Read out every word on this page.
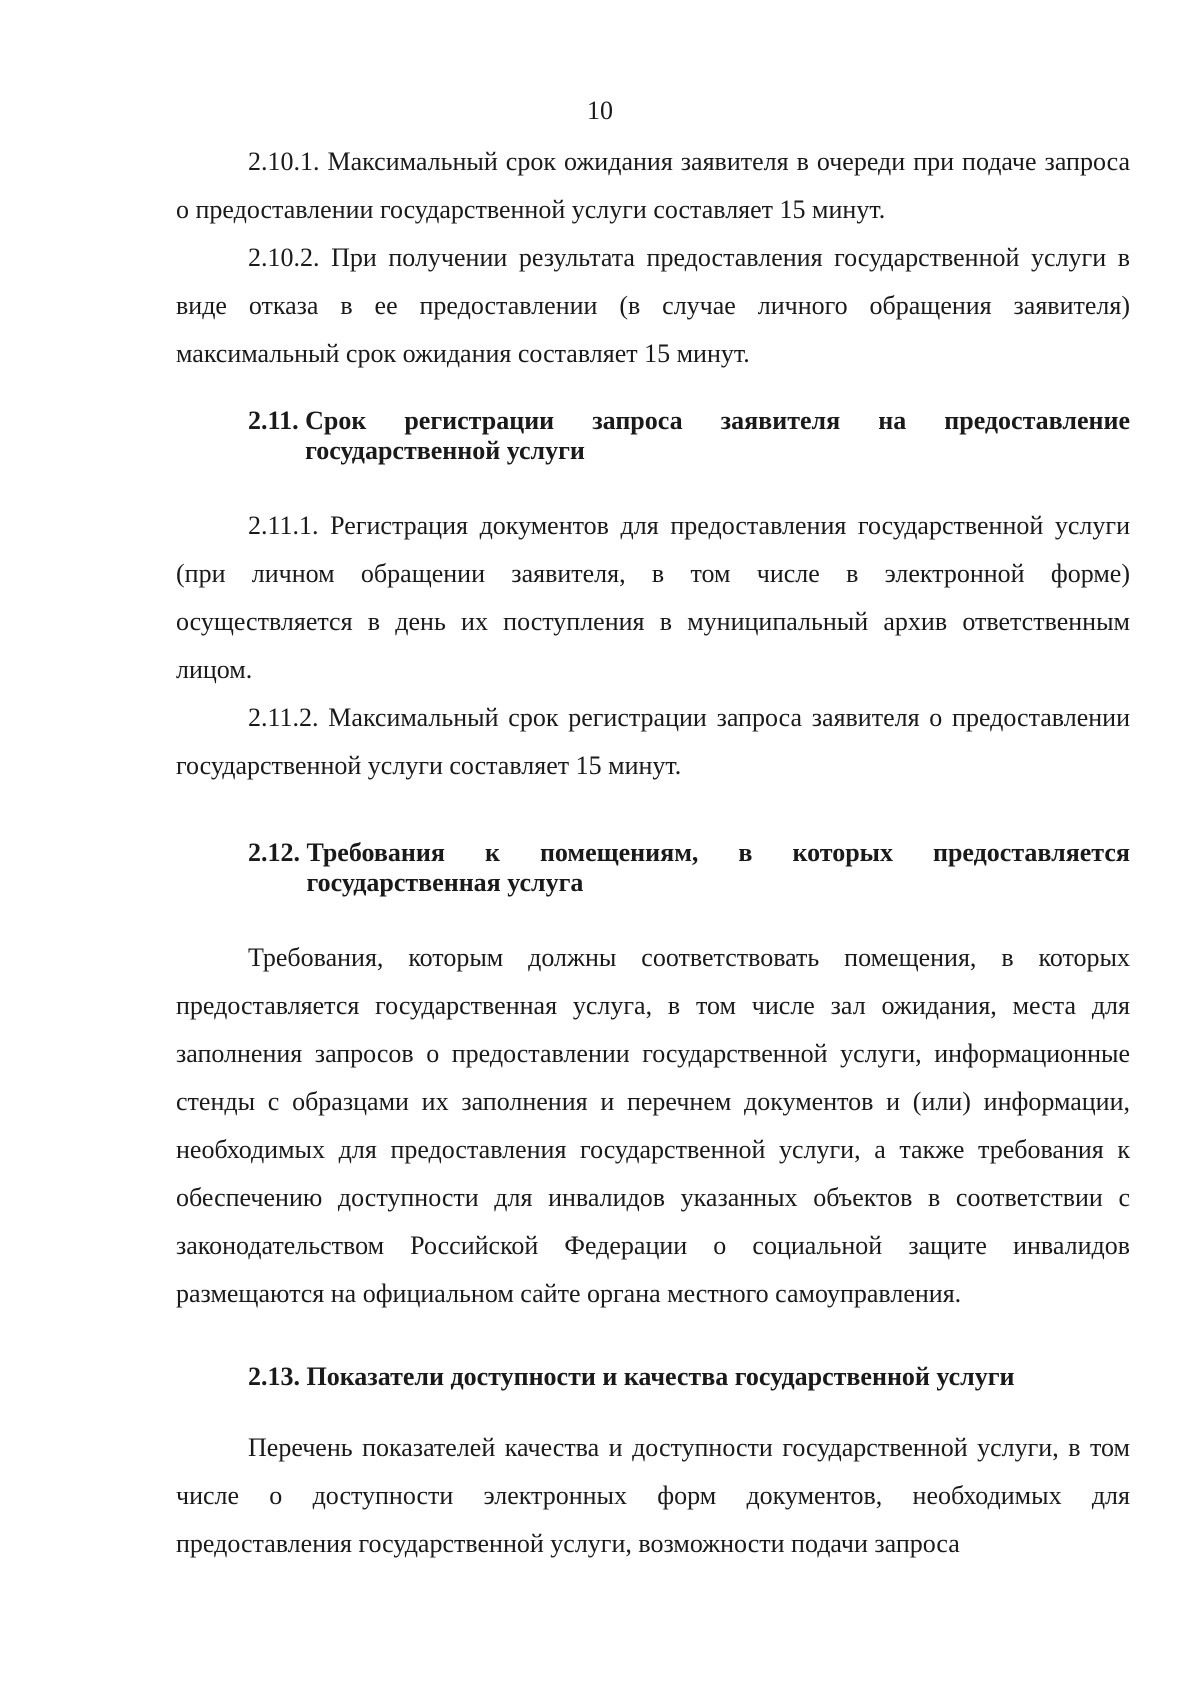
10

2.10.1. Максимальный срок ожидания заявителя в очереди при подаче запроса о предоставлении государственной услуги составляет 15 минут.

2.10.2. При получении результата предоставления государственной услуги в виде отказа в ее предоставлении (в случае личного обращения заявителя) максимальный срок ожидания составляет 15 минут.

2.11. Срок регистрации запроса заявителя на предоставление государственной услуги

2.11.1. Регистрация документов для предоставления государственной услуги (при личном обращении заявителя, в том числе в электронной форме) осуществляется в день их поступления в муниципальный архив ответственным лицом.

2.11.2. Максимальный срок регистрации запроса заявителя о предоставлении государственной услуги составляет 15 минут.

2.12. Требования к помещениям, в которых предоставляется государственная услуга

Требования, которым должны соответствовать помещения, в которых предоставляется государственная услуга, в том числе зал ожидания, места для заполнения запросов о предоставлении государственной услуги, информационные стенды с образцами их заполнения и перечнем документов и (или) информации, необходимых для предоставления государственной услуги, а также требования к обеспечению доступности для инвалидов указанных объектов в соответствии с законодательством Российской Федерации о социальной защите инвалидов размещаются на официальном сайте органа местного самоуправления.

2.13. Показатели доступности и качества государственной услуги

Перечень показателей качества и доступности государственной услуги, в том числе о доступности электронных форм документов, необходимых для предоставления государственной услуги, возможности подачи запроса
